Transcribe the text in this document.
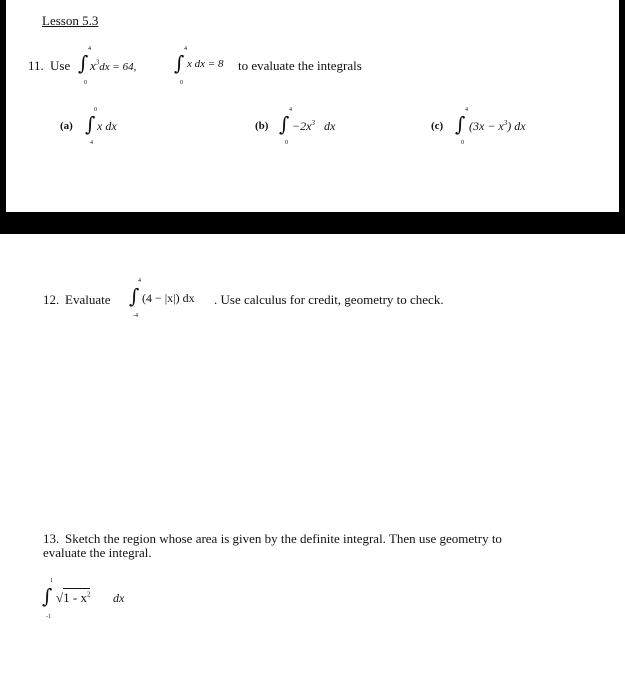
Lesson 5.3
11. Use ∫
4
0
$x^3dx = 64$, ∫
4
0
x dx = 8 to evaluate the integrals
(a) ∫
0
4
x dx	(b) ∫
4
0
$-2x^3$ dx	(c) ∫
4
0
$(3x - x^3)$ dx
12. Evaluate ∫
4
-4
(4 − |x|) dx . Use calculus for credit, geometry to check.
13. Sketch the region whose area is given by the definite integral. Then use geometry to
evaluate the integral.
∫
1
-1
$√1 - x^2$ dx
